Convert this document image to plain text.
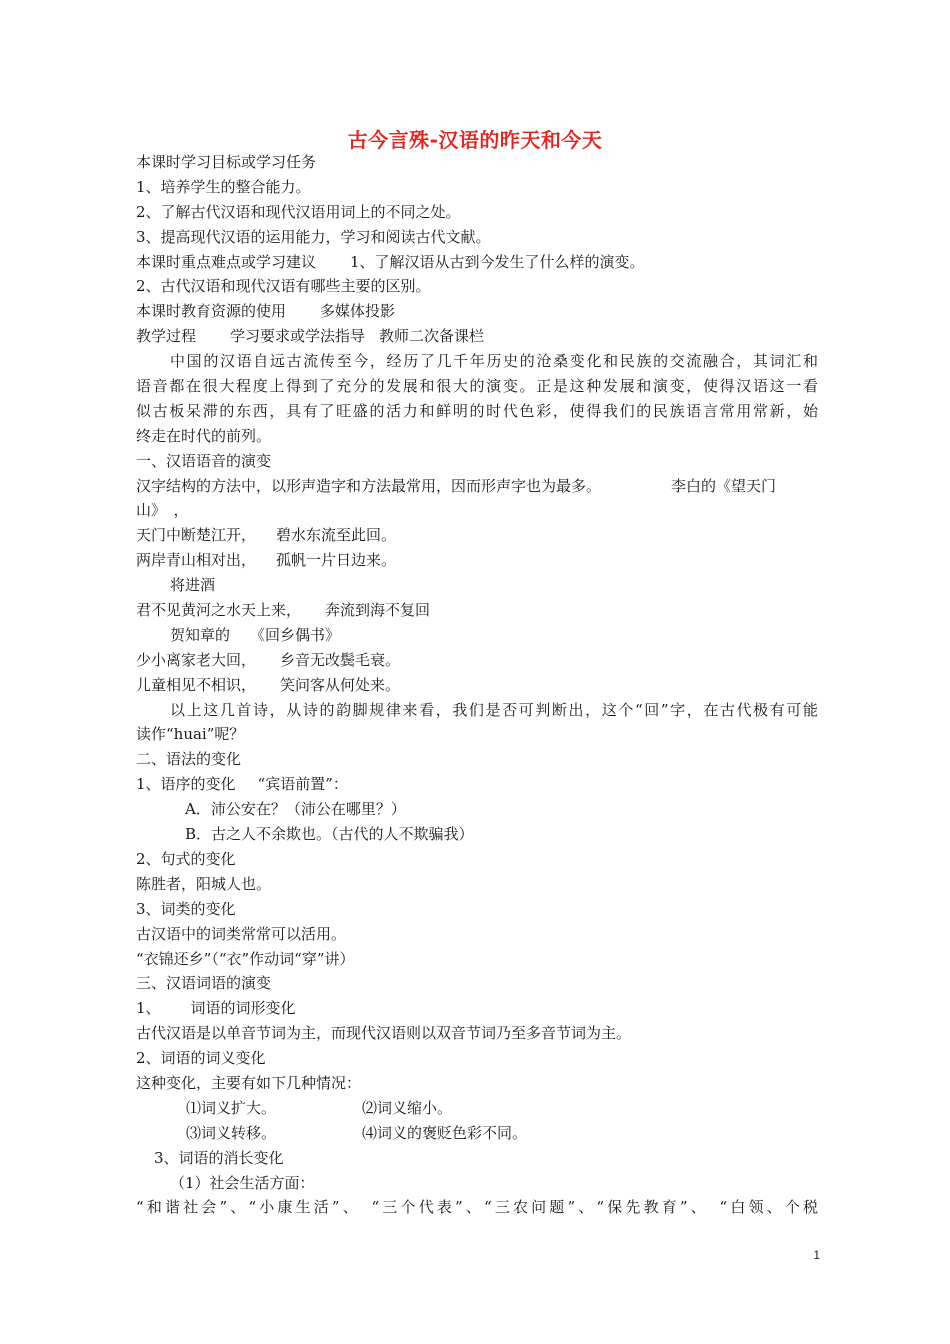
古今言殊-汉语的昨天和今天
本课时学习目标或学习任务
1、培养学生的整合能力。
2、了解古代汉语和现代汉语用词上的不同之处。
3、提高现代汉语的运用能力，学习和阅读古代文献。
本课时重点难点或学习建议 1、了解汉语从古到今发生了什么样的演变。
2、古代汉语和现代汉语有哪些主要的区别。
本课时教育资源的使用 多媒体投影
教学过程 学习要求或学法指导 教师二次备课栏
中国的汉语自远古流传至今，经历了几千年历史的沧桑变化和民族的交流融合，其词汇和
语音都在很大程度上得到了充分的发展和很大的演变。正是这种发展和演变，使得汉语这一看
似古板呆滞的东西，具有了旺盛的活力和鲜明的时代色彩，使得我们的民族语言常用常新，始
终走在时代的前列。
一、汉语语音的演变
汉字结构的方法中，以形声造字和方法最常用，因而形声字也为最多。	李白的《望天门
山》　，
天门中断楚江开， 碧水东流至此回。
两岸青山相对出， 孤帆一片日边来。
将进酒
君不见黄河之水天上来， 奔流到海不复回
贺知章的 《回乡偶书》
少小离家老大回， 乡音无改鬓毛衰。
儿童相见不相识， 笑问客从何处来。
以上这几首诗，从诗的韵脚规律来看，我们是否可判断出，这个“回”字，在古代极有可能
读作“huai”呢？
二、语法的变化
1、语序的变化 “宾语前置”：
A．沛公安在？（沛公在哪里？）
B．古之人不余欺也。（古代的人不欺骗我）
2、句式的变化
陈胜者，阳城人也。
3、词类的变化
古汉语中的词类常常可以活用。
“衣锦还乡”（“衣”作动词“穿”讲）
三、汉语词语的演变
1、 词语的词形变化
古代汉语是以单音节词为主，而现代汉语则以双音节词乃至多音节词为主。
2、词语的词义变化
这种变化，主要有如下几种情况：
⑴词义扩大。	⑵词义缩小。
⑶词义转移。	⑷词义的褒贬色彩不同。
3、词语的消长变化
（1）社会生活方面：
“和谐社会”、“小康生活”、　“三个代表”、“三农问题”、“保先教育”、　“白领、个税
1
